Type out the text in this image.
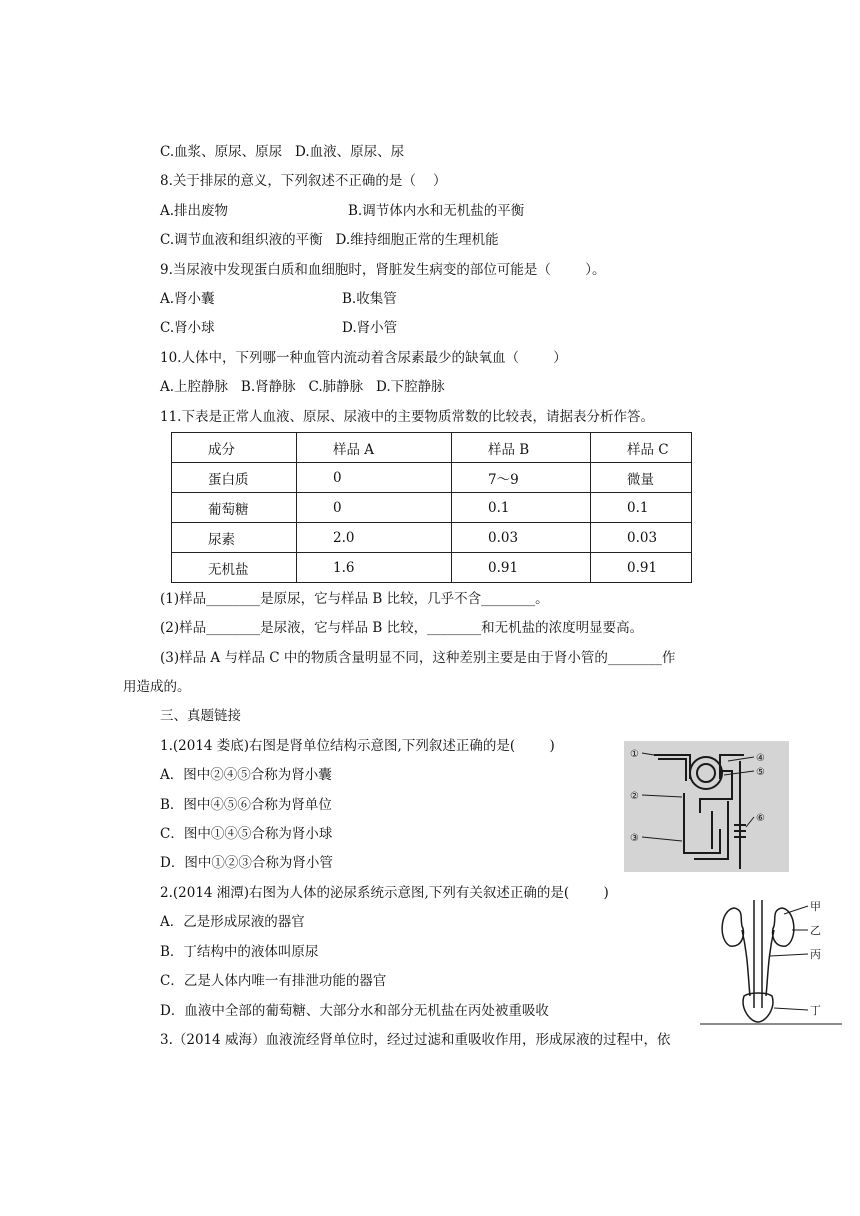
C.血浆、原尿、原尿   D.血液、原尿、尿
8.关于排尿的意义，下列叙述不正确的是（    ）
A.排出废物	B.调节体内水和无机盐的平衡
C.调节血液和组织液的平衡   D.维持细胞正常的生理机能
9.当尿液中发现蛋白质和血细胞时，肾脏发生病变的部位可能是（        ）。
A.肾小囊	B.收集管
C.肾小球	D.肾小管
10.人体中，下列哪一种血管内流动着含尿素最少的缺氧血（        ）
A.上腔静脉   B.肾静脉   C.肺静脉   D.下腔静脉
11.下表是正常人血液、原尿、尿液中的主要物质常数的比较表，请据表分析作答。
成分	样品 A	样品 B	样品 C
蛋白质	0	7～9	微量
葡萄糖	0	0.1	0.1
尿素	2.0	0.03	0.03
无机盐	1.6	0.91	0.91
(1)样品________是原尿，它与样品 B 比较，几乎不含________。
(2)样品________是尿液，它与样品 B 比较，________和无机盐的浓度明显要高。
(3)样品 A 与样品 C 中的物质含量明显不同，这种差别主要是由于肾小管的________作
用造成的。
三、真题链接
1.(2014 娄底)右图是肾单位结构示意图,下列叙述正确的是(        )
A．图中②④⑤合称为肾小囊
B．图中④⑤⑥合称为肾单位
C．图中①④⑤合称为肾小球
D．图中①②③合称为肾小管
2.(2014 湘潭)右图为人体的泌尿系统示意图,下列有关叙述正确的是(        )
A．乙是形成尿液的器官
B．丁结构中的液体叫原尿
C．乙是人体内唯一有排泄功能的器官
D．血液中全部的葡萄糖、大部分水和部分无机盐在丙处被重吸收
3.（2014 威海）血液流经肾单位时，经过过滤和重吸收作用，形成尿液的过程中，依
①
②
③
④
⑤
⑥
甲
乙
丙
丁
